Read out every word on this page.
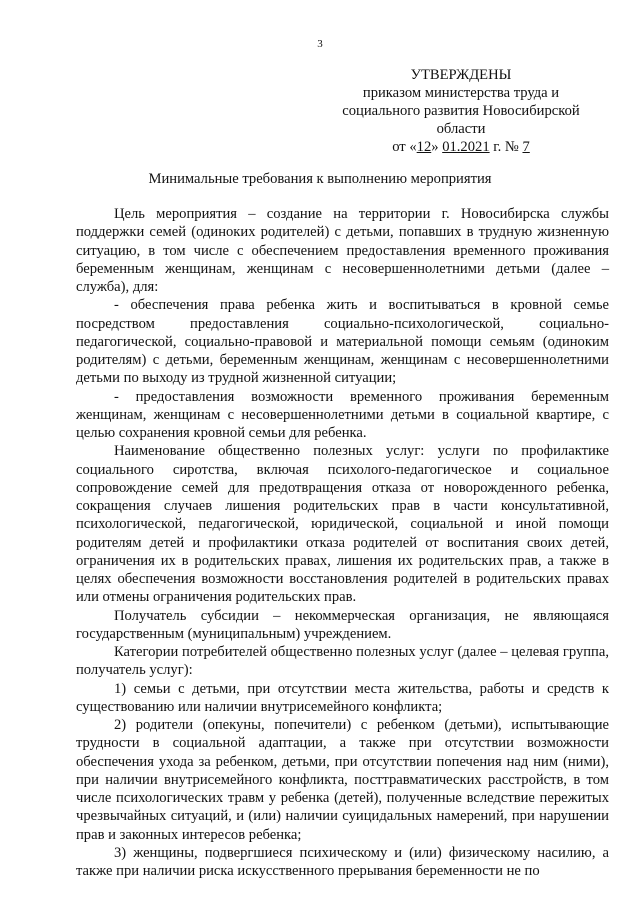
3
УТВЕРЖДЕНЫ
приказом министерства труда и
социального развития Новосибирской
области
от «12» 01.2021 г. № 7
Минимальные требования к выполнению мероприятия

Цель мероприятия – создание на территории г. Новосибирска службы поддержки семей (одиноких родителей) с детьми, попавших в трудную жизненную ситуацию, в том числе с обеспечением предоставления временного проживания беременным женщинам, женщинам с несовершеннолетними детьми (далее – служба), для:

- обеспечения права ребенка жить и воспитываться в кровной семье посредством предоставления социально-психологической, социально-педагогической, социально-правовой и материальной помощи семьям (одиноким родителям) с детьми, беременным женщинам, женщинам с несовершеннолетними детьми по выходу из трудной жизненной ситуации;

- предоставления возможности временного проживания беременным женщинам, женщинам с несовершеннолетними детьми в социальной квартире, с целью сохранения кровной семьи для ребенка.

Наименование общественно полезных услуг: услуги по профилактике социального сиротства, включая психолого-педагогическое и социальное сопровождение семей для предотвращения отказа от новорожденного ребенка, сокращения случаев лишения родительских прав в части консультативной, психологической, педагогической, юридической, социальной и иной помощи родителям детей и профилактики отказа родителей от воспитания своих детей, ограничения их в родительских правах, лишения их родительских прав, а также в целях обеспечения возможности восстановления родителей в родительских правах или отмены ограничения родительских прав.

Получатель субсидии – некоммерческая организация, не являющаяся государственным (муниципальным) учреждением.

Категории потребителей общественно полезных услуг (далее – целевая группа, получатель услуг):

1) семьи с детьми, при отсутствии места жительства, работы и средств к существованию или наличии внутрисемейного конфликта;

2) родители (опекуны, попечители) с ребенком (детьми), испытывающие трудности в социальной адаптации, а также при отсутствии возможности обеспечения ухода за ребенком, детьми, при отсутствии попечения над ним (ними), при наличии внутрисемейного конфликта, посттравматических расстройств, в том числе психологических травм у ребенка (детей), полученные вследствие пережитых чрезвычайных ситуаций, и (или) наличии суицидальных намерений, при нарушении прав и законных интересов ребенка;

3) женщины, подвергшиеся психическому и (или) физическому насилию, а также при наличии риска искусственного прерывания беременности не по
